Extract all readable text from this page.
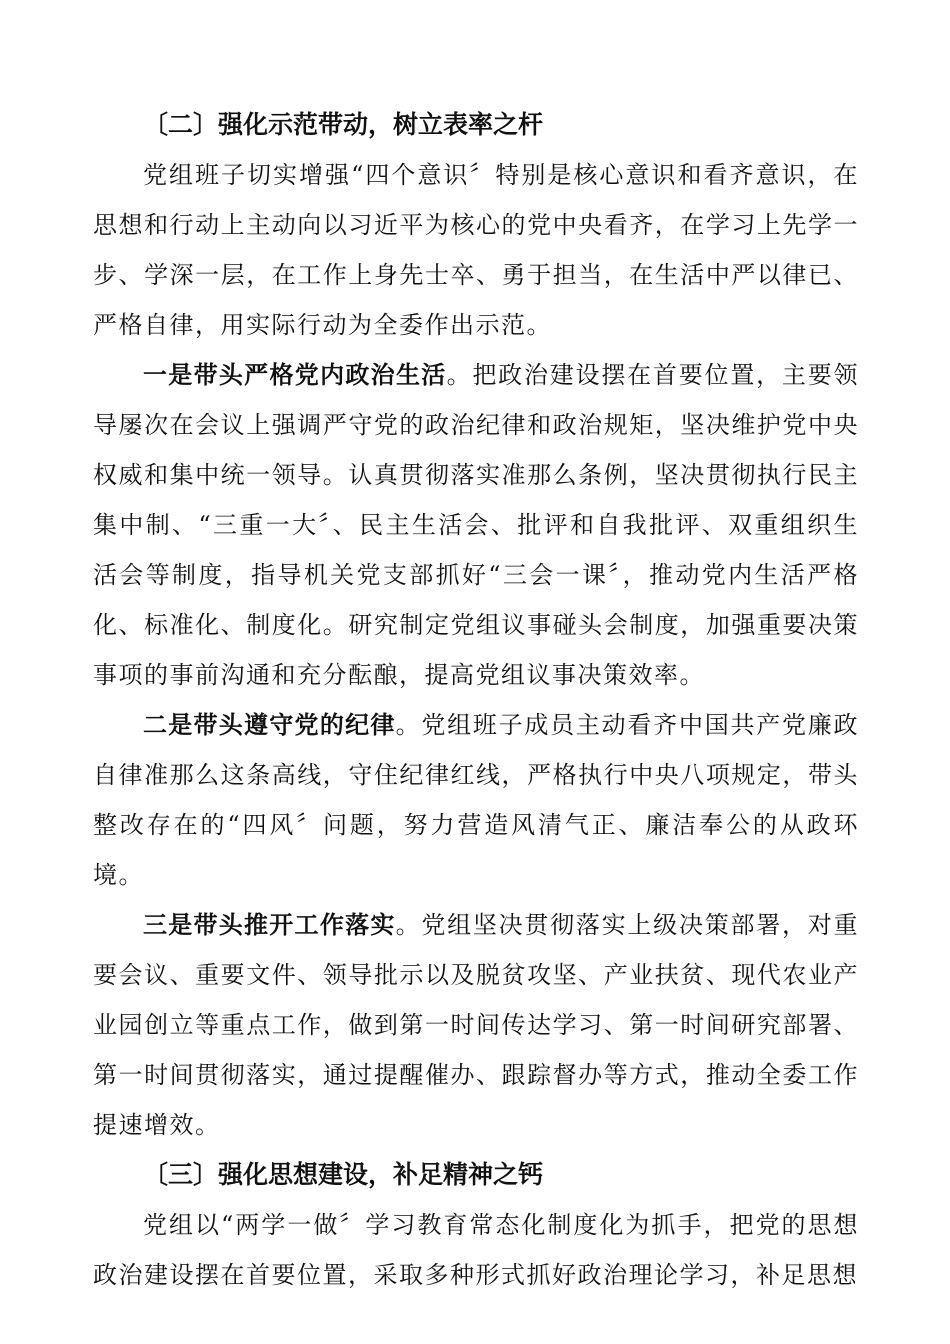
〔二〕强化示范带动，树立表率之杆

党组班子切实增强“四个意识〞特别是核心意识和看齐意识，在思想和行动上主动向以习近平为核心的党中央看齐，在学习上先学一步、学深一层，在工作上身先士卒、勇于担当，在生活中严以律已、严格自律，用实际行动为全委作出示范。

一是带头严格党内政治生活。把政治建设摆在首要位置，主要领导屡次在会议上强调严守党的政治纪律和政治规矩，坚决维护党中央权威和集中统一领导。认真贯彻落实准那么条例，坚决贯彻执行民主集中制、“三重一大〞、民主生活会、批评和自我批评、双重组织生活会等制度，指导机关党支部抓好“三会一课〞，推动党内生活严格化、标准化、制度化。研究制定党组议事碰头会制度，加强重要决策事项的事前沟通和充分酝酿，提高党组议事决策效率。

二是带头遵守党的纪律。党组班子成员主动看齐中国共产党廉政自律准那么这条高线，守住纪律红线，严格执行中央八项规定，带头整改存在的“四风〞问题，努力营造风清气正、廉洁奉公的从政环境。

三是带头推开工作落实。党组坚决贯彻落实上级决策部署，对重要会议、重要文件、领导批示以及脱贫攻坚、产业扶贫、现代农业产业园创立等重点工作，做到第一时间传达学习、第一时间研究部署、第一时间贯彻落实，通过提醒催办、跟踪督办等方式，推动全委工作提速增效。

〔三〕强化思想建设，补足精神之钙

党组以“两学一做〞学习教育常态化制度化为抓手，把党的思想政治建设摆在首要位置，采取多种形式抓好政治理论学习，补足思想
